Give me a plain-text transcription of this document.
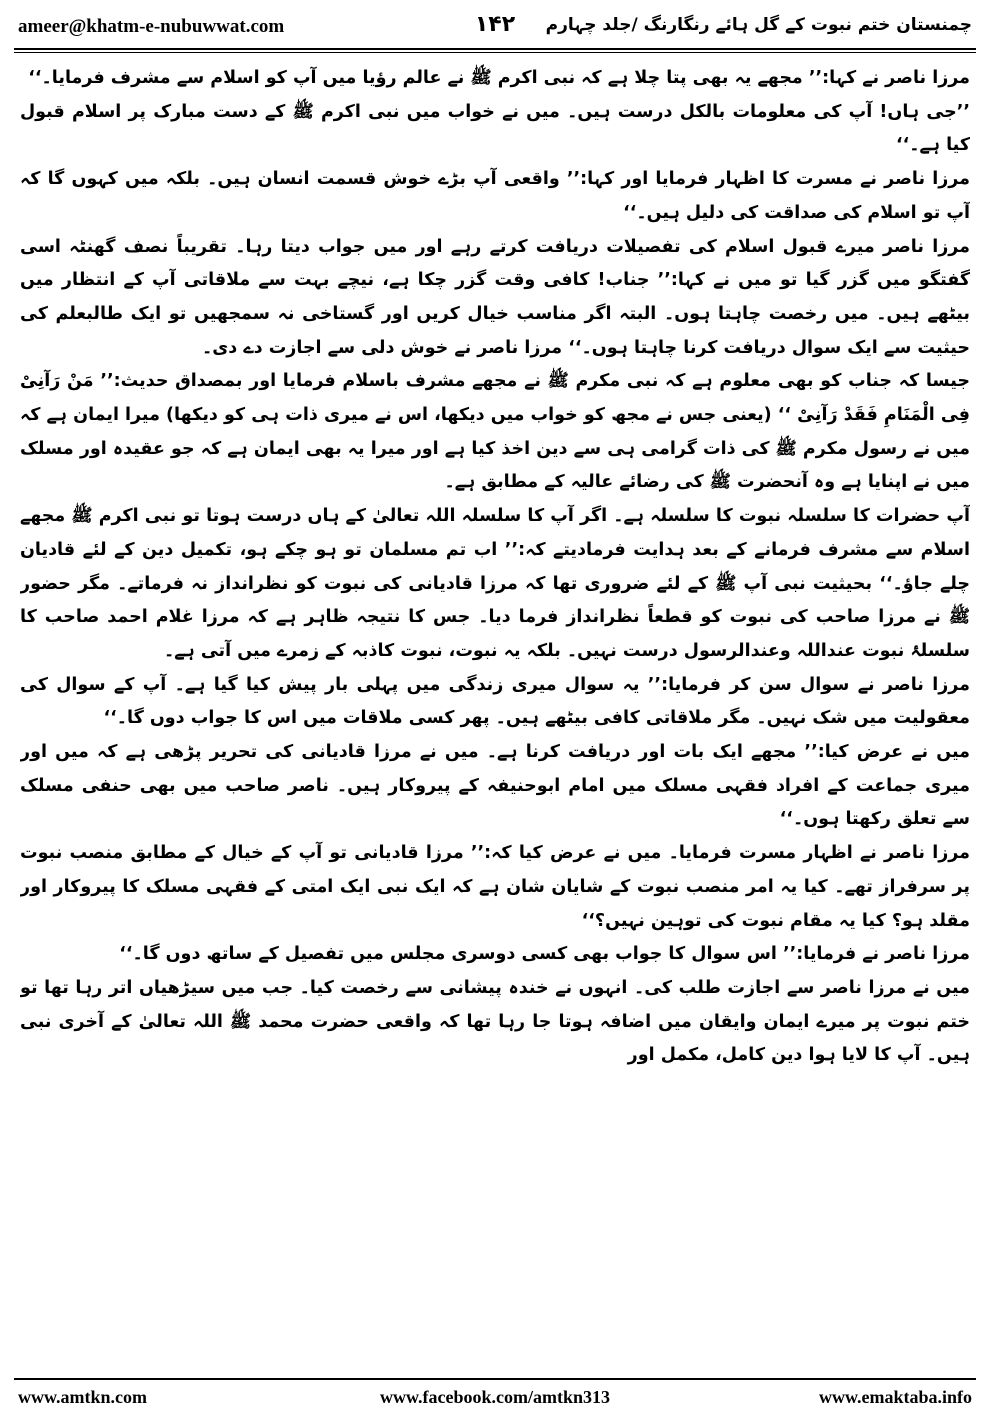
ameer@khatm-e-nubuwwat.com	۱۴۲	چمنستان ختم نبوت کے گل ہائے رنگارنگ /جلد چہارم

مرزا ناصر نے کہا:’’ مجھے یہ بھی پتا چلا ہے کہ نبی اکرم ﷺ نے عالم رؤیا میں آپ کو اسلام سے مشرف فرمایا۔‘‘

’’جی ہاں! آپ کی معلومات بالکل درست ہیں۔ میں نے خواب میں نبی اکرم ﷺ کے دست مبارک پر اسلام قبول کیا ہے۔‘‘

مرزا ناصر نے مسرت کا اظہار فرمایا اور کہا:’’ واقعی آپ بڑے خوش قسمت انسان ہیں۔ بلکہ میں کہوں گا کہ آپ تو اسلام کی صداقت کی دلیل ہیں۔‘‘

مرزا ناصر میرے قبول اسلام کی تفصیلات دریافت کرتے رہے اور میں جواب دیتا رہا۔ تقریباً نصف گھنٹہ اسی گفتگو میں گزر گیا تو میں نے کہا:’’ جناب! کافی وقت گزر چکا ہے، نیچے بہت سے ملاقاتی آپ کے انتظار میں بیٹھے ہیں۔ میں رخصت چاہتا ہوں۔ البتہ اگر مناسب خیال کریں اور گستاخی نہ سمجھیں تو ایک طالبعلم کی حیثیت سے ایک سوال دریافت کرنا چاہتا ہوں۔‘‘ مرزا ناصر نے خوش دلی سے اجازت دے دی۔

جیسا کہ جناب کو بھی معلوم ہے کہ نبی مکرم ﷺ نے مجھے مشرف باسلام فرمایا اور بمصداق حدیث:’’ مَنْ رَآنِیْ فِی الْمَنَامِ فَقَدْ رَآنِیْ ‘‘ (یعنی جس نے مجھ کو خواب میں دیکھا، اس نے میری ذات ہی کو دیکھا) میرا ایمان ہے کہ میں نے رسول مکرم ﷺ کی ذات گرامی ہی سے دین اخذ کیا ہے اور میرا یہ بھی ایمان ہے کہ جو عقیدہ اور مسلک میں نے اپنایا ہے وہ آنحضرت ﷺ کی رضائے عالیہ کے مطابق ہے۔

آپ حضرات کا سلسلہ نبوت کا سلسلہ ہے۔ اگر آپ کا سلسلہ اللہ تعالیٰ کے ہاں درست ہوتا تو نبی اکرم ﷺ مجھے اسلام سے مشرف فرمانے کے بعد ہدایت فرمادیتے کہ:’’ اب تم مسلمان تو ہو چکے ہو، تکمیل دین کے لئے قادیان چلے جاؤ۔‘‘ بحیثیت نبی آپ ﷺ کے لئے ضروری تھا کہ مرزا قادیانی کی نبوت کو نظرانداز نہ فرماتے۔ مگر حضور ﷺ نے مرزا صاحب کی نبوت کو قطعاً نظرانداز فرما دیا۔ جس کا نتیجہ ظاہر ہے کہ مرزا غلام احمد صاحب کا سلسلۂ نبوت عنداللہ وعندالرسول درست نہیں۔ بلکہ یہ نبوت، نبوت کاذبہ کے زمرے میں آتی ہے۔

مرزا ناصر نے سوال سن کر فرمایا:’’ یہ سوال میری زندگی میں پہلی بار پیش کیا گیا ہے۔ آپ کے سوال کی معقولیت میں شک نہیں۔ مگر ملاقاتی کافی بیٹھے ہیں۔ پھر کسی ملاقات میں اس کا جواب دوں گا۔‘‘

میں نے عرض کیا:’’ مجھے ایک بات اور دریافت کرنا ہے۔ میں نے مرزا قادیانی کی تحریر پڑھی ہے کہ میں اور میری جماعت کے افراد فقہی مسلک میں امام ابوحنیفہ کے پیروکار ہیں۔ ناصر صاحب میں بھی حنفی مسلک سے تعلق رکھتا ہوں۔‘‘

مرزا ناصر نے اظہار مسرت فرمایا۔ میں نے عرض کیا کہ:’’ مرزا قادیانی تو آپ کے خیال کے مطابق منصب نبوت پر سرفراز تھے۔ کیا یہ امر منصب نبوت کے شایان شان ہے کہ ایک نبی ایک امتی کے فقہی مسلک کا پیروکار اور مقلد ہو؟ کیا یہ مقام نبوت کی توہین نہیں؟‘‘

مرزا ناصر نے فرمایا:’’ اس سوال کا جواب بھی کسی دوسری مجلس میں تفصیل کے ساتھ دوں گا۔‘‘

میں نے مرزا ناصر سے اجازت طلب کی۔ انہوں نے خندہ پیشانی سے رخصت کیا۔ جب میں سیڑھیاں اتر رہا تھا تو ختم نبوت پر میرے ایمان وایقان میں اضافہ ہوتا جا رہا تھا کہ واقعی حضرت محمد ﷺ اللہ تعالیٰ کے آخری نبی ہیں۔ آپ کا لایا ہوا دین کامل، مکمل اور

www.amtkn.com	www.facebook.com/amtkn313	www.emaktaba.info
